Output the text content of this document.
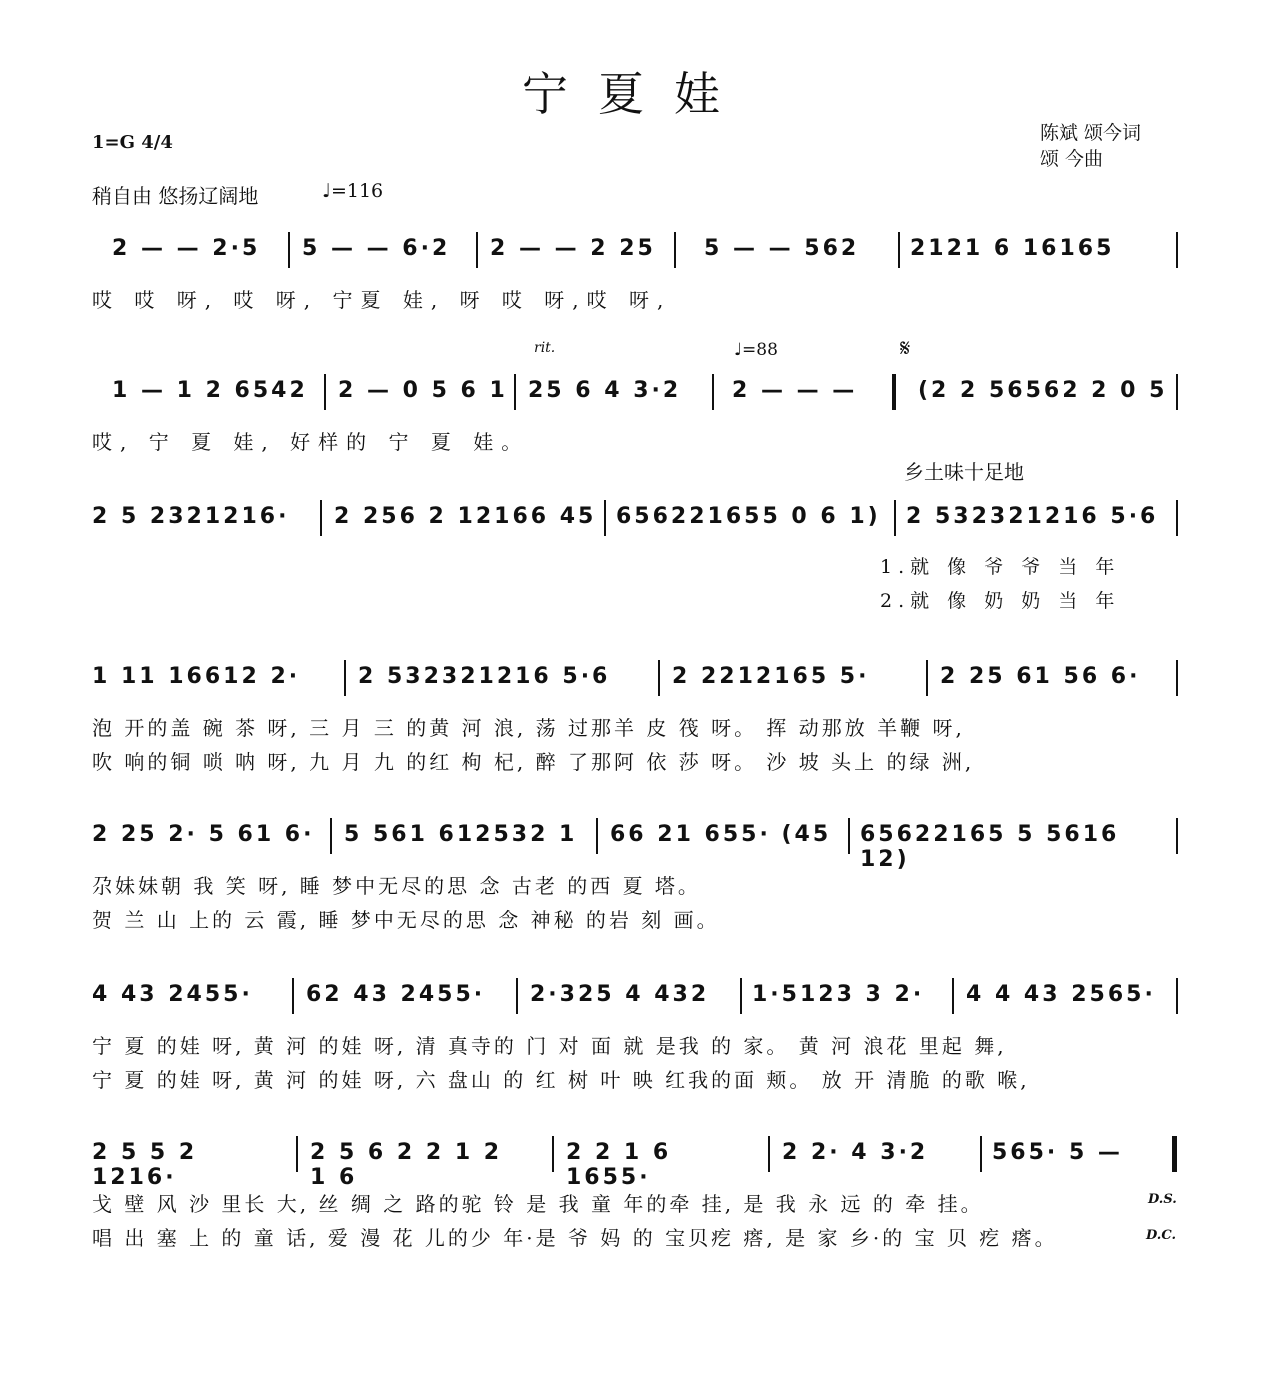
宁夏娃
1=G 4/4	陈斌 颂今词
颂 今曲
稍自由 悠扬辽阔地	♩=116
2 — — 2·5	5 — — 6·2	2 — — 2 25	5 — — 562	2121 6 16165
哎 哎 呀, 哎 呀, 宁夏 娃, 呀 哎 呀,哎 呀,
rit.	♩=88	𝄋
1 — 1 2 6542	2 — 0 5 6 1 25 6 4 3·2	2 — — —	(2 2 56562 2 0 5
哎, 宁 夏 娃, 好样的 宁 夏 娃。
乡土味十足地
2 5 2321216·	2 256 2 12166 45 656221655 0 6 1)	2 532321216 5·6
1.就 像 爷 爷 当 年
2.就 像 奶 奶 当 年
1 11 16612 2·	2 532321216 5·6	2 2212165 5·	2 25 61 56 6·
泡 开的盖 碗 茶 呀, 三 月 三 的黄 河 浪, 荡 过那羊 皮 筏 呀。 挥 动那放 羊鞭 呀,
吹 响的铜 唢 呐 呀, 九 月 九 的红 枸 杞, 醉 了那阿 依 莎 呀。 沙 坡 头上 的绿 洲,
2 25 2· 5 61 6·	5 561 612532 1	66 21 655· (45	65622165 5 5616 12)
尕妹妹朝 我 笑 呀, 睡 梦中无尽的思 念 古老 的西 夏 塔。
贺 兰 山 上的 云 霞, 睡 梦中无尽的思 念 神秘 的岩 刻 画。
4 43 2455·	62 43 2455·	2·325 4 432	1·5123 3 2·	4 4 43 2565·
宁 夏 的娃 呀, 黄 河 的娃 呀, 清 真寺的 门 对 面 就 是我 的 家。 黄 河 浪花 里起 舞,
宁 夏 的娃 呀, 黄 河 的娃 呀, 六 盘山 的 红 树 叶 映 红我的面 颊。 放 开 清脆 的歌 喉,
2 5 5 2 1216·
2 5 6 2 2 1 2 1 6
2 2 1 6 1655·
2 2· 4 3·2	565· 5 —
戈 壁 风 沙 里长 大, 丝 绸 之 路的驼 铃 是 我 童 年的牵 挂, 是 我 永 远 的 牵 挂。
唱 出 塞 上 的 童 话, 爱 漫 花 儿的少 年·是 爷 妈 的 宝贝疙 瘩, 是 家 乡·的 宝 贝 疙 瘩。
D.S.
D.C.
